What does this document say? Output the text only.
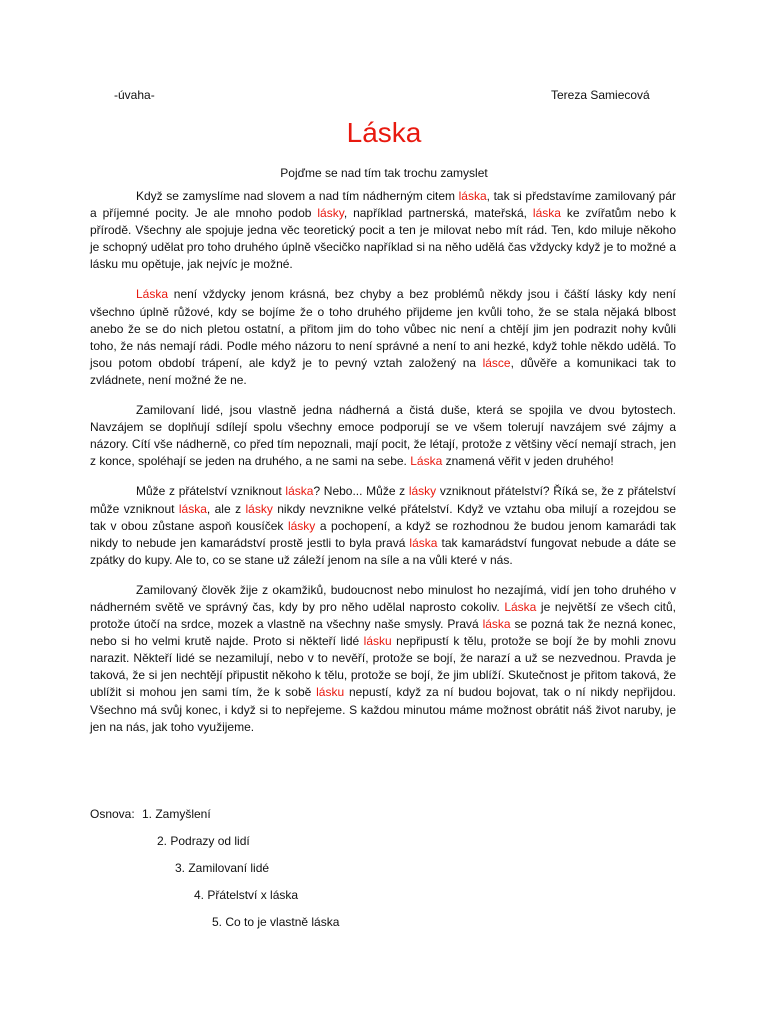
-úvaha-	Tereza Samiecová
Láska
Pojďme se nad tím tak trochu zamyslet

Když se zamyslíme nad slovem a nad tím nádherným citem láska, tak si představíme zamilovaný pár a příjemné pocity. Je ale mnoho podob lásky, například partnerská, mateřská, láska ke zvířatům nebo k přírodě. Všechny ale spojuje jedna věc teoretický pocit a ten je milovat nebo mít rád. Ten, kdo miluje někoho je schopný udělat pro toho druhého úplně všecičko například si na něho udělá čas vždycky když je to možné a lásku mu opětuje, jak nejvíc je možné.

Láska není vždycky jenom krásná, bez chyby a bez problémů někdy jsou i čáští lásky kdy není všechno úplně růžové, kdy se bojíme že o toho druhého přijdeme jen kvůli toho, že se stala nějaká blbost anebo že se do nich pletou ostatní, a přitom jim do toho vůbec nic není a chtějí jim jen podrazit nohy kvůli toho, že nás nemají rádi. Podle mého názoru to není správné a není to ani hezké, když tohle někdo udělá. To jsou potom období trápení, ale když je to pevný vztah založený na lásce, důvěře a komunikaci tak to zvládnete, není možné že ne.

Zamilovaní lidé, jsou vlastně jedna nádherná a čistá duše, která se spojila ve dvou bytostech. Navzájem se doplňují sdílejí spolu všechny emoce podporují se ve všem tolerují navzájem své zájmy a názory. Cítí vše nádherně, co před tím nepoznali, mají pocit, že létají, protože z většiny věcí nemají strach, jen z konce, spoléhají se jeden na druhého, a ne sami na sebe. Láska znamená věřit v jeden druhého!

Může z přátelství vzniknout láska? Nebo... Může z lásky vzniknout přátelství? Říká se, že z přátelství může vzniknout láska, ale z lásky nikdy nevznikne velké přátelství. Když ve vztahu oba milují a rozejdou se tak v obou zůstane aspoň kousíček lásky a pochopení, a když se rozhodnou že budou jenom kamarádi tak nikdy to nebude jen kamarádství prostě jestli to byla pravá láska tak kamarádství fungovat nebude a dáte se zpátky do kupy. Ale to, co se stane už záleží jenom na síle a na vůli které v nás.

Zamilovaný člověk žije z okamžiků, budoucnost nebo minulost ho nezajímá, vidí jen toho druhého v nádherném světě ve správný čas, kdy by pro něho udělal naprosto cokoliv. Láska je největší ze všech citů, protože útočí na srdce, mozek a vlastně na všechny naše smysly. Pravá láska se pozná tak že nezná konec, nebo si ho velmi krutě najde. Proto si někteří lidé lásku nepřipustí k tělu, protože se bojí že by mohli znovu narazit. Někteří lidé se nezamilují, nebo v to nevěří, protože se bojí, že narazí a už se nezvednou. Pravda je taková, že si jen nechtějí připustit někoho k tělu, protože se bojí, že jim ublíží. Skutečnost je přitom taková, že ublížit si mohou jen sami tím, že k sobě lásku nepustí, když za ní budou bojovat, tak o ní nikdy nepřijdou. Všechno má svůj konec, i když si to nepřejeme. S každou minutou máme možnost obrátit náš život naruby, je jen na nás, jak toho využijeme.

Osnova: 1. Zamyšlení
2. Podrazy od lidí
3. Zamilovaní lidé
4. Přátelství x láska
5. Co to je vlastně láska
